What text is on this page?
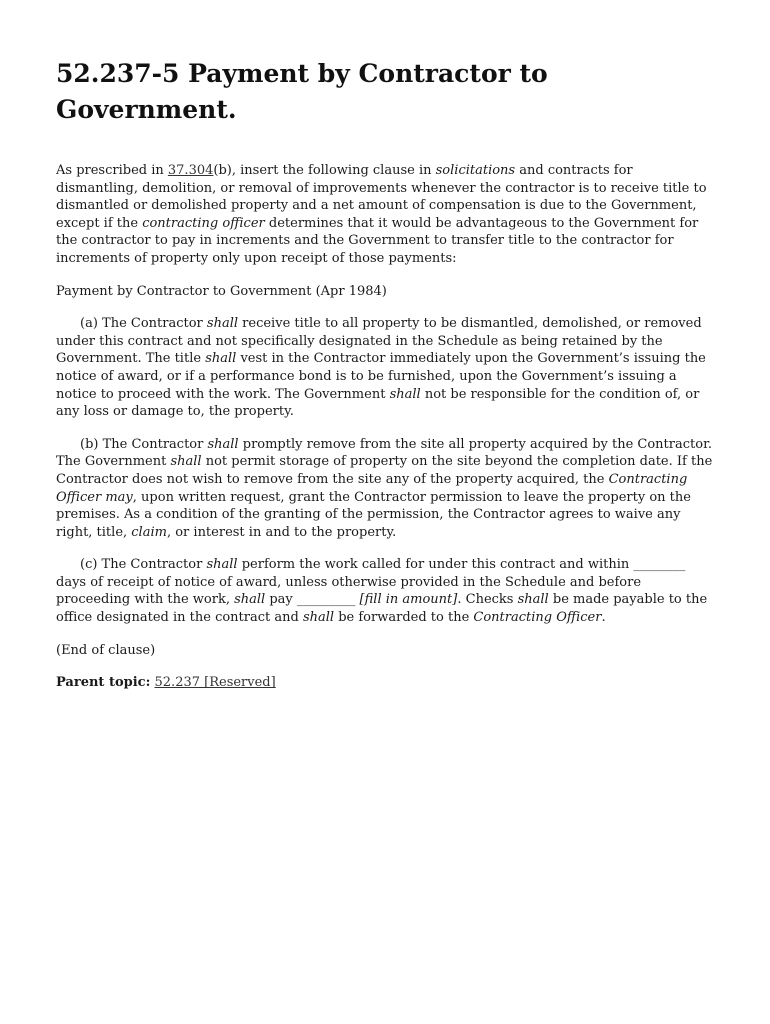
52.237-5 Payment by Contractor to Government.

As prescribed in 37.304(b), insert the following clause in solicitations and contracts for dismantling, demolition, or removal of improvements whenever the contractor is to receive title to dismantled or demolished property and a net amount of compensation is due to the Government, except if the contracting officer determines that it would be advantageous to the Government for the contractor to pay in increments and the Government to transfer title to the contractor for increments of property only upon receipt of those payments:

Payment by Contractor to Government (Apr 1984)

(a) The Contractor shall receive title to all property to be dismantled, demolished, or removed under this contract and not specifically designated in the Schedule as being retained by the Government. The title shall vest in the Contractor immediately upon the Government’s issuing the notice of award, or if a performance bond is to be furnished, upon the Government’s issuing a notice to proceed with the work. The Government shall not be responsible for the condition of, or any loss or damage to, the property.

(b) The Contractor shall promptly remove from the site all property acquired by the Contractor. The Government shall not permit storage of property on the site beyond the completion date. If the Contractor does not wish to remove from the site any of the property acquired, the Contracting Officer may, upon written request, grant the Contractor permission to leave the property on the premises. As a condition of the granting of the permission, the Contractor agrees to waive any right, title, claim, or interest in and to the property.

(c) The Contractor shall perform the work called for under this contract and within ________ days of receipt of notice of award, unless otherwise provided in the Schedule and before proceeding with the work, shall pay _________ [fill in amount]. Checks shall be made payable to the office designated in the contract and shall be forwarded to the Contracting Officer.

(End of clause)

Parent topic: 52.237 [Reserved]
